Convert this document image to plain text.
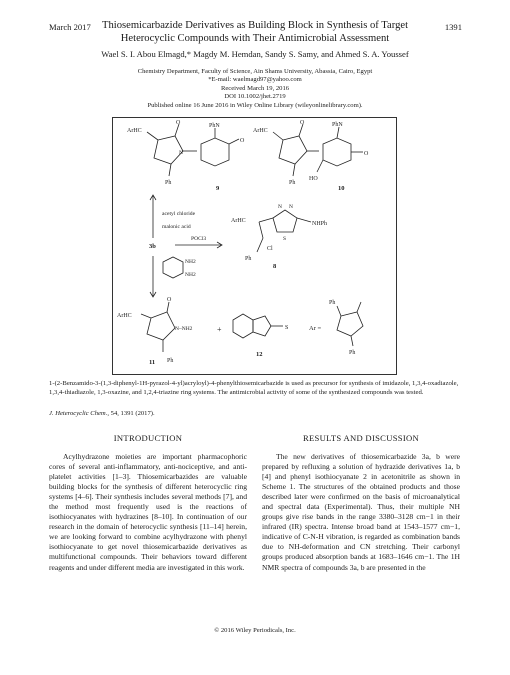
March 2017	1391
Thiosemicarbazide Derivatives as Building Block in Synthesis of Target
Heterocyclic Compounds with Their Antimicrobial Assessment
Wael S. I. Abou Elmagd,* Magdy M. Hemdan, Sandy S. Samy, and Ahmed S. A. Youssef
Chemistry Department, Faculty of Science, Ain Shams University, Abassia, Cairo, Egypt
*E-mail: waelmagd97@yahoo.com
Received March 19, 2016
DOI 10.1002/jhet.2719
Published online 16 June 2016 in Wiley Online Library (wileyonlinelibrary.com).
ArHC
O	PhN
O
Ph
N
9
ArHC
O	PhN
O
Ph
HO
10
acetyl chloride
malonic acid
3b
POCl3
ArHC
N N
S
NHPh
Cl
Ph
8
NH2
NH2
ArHC
O
N–NH2
Ph
11
+	S
12
Ar =
Ph
Ph
1-(2-Benzamido-3-(1,3-diphenyl-1H-pyrazol-4-yl)acryloyl)-4-phenylthiosemicarbazide is used as precursor for synthesis of imidazole, 1,3,4-oxadiazole, 1,3,4-thiadiazole, 1,3-oxazine, and 1,2,4-triazine ring systems. The antimicrobial activity of some of the synthesized compounds was tested.
J. Heterocyclic Chem., 54, 1391 (2017).
INTRODUCTION	RESULTS AND DISCUSSION

Acylhydrazone moieties are important pharmacophoric cores of several anti-inflammatory, anti-nociceptive, and anti-platelet activities [1–3]. Thiosemicarbazides are valuable building blocks for the synthesis of different heterocyclic ring systems [4–6]. Their synthesis includes several methods [7], and the method most frequently used is the reactions of isothiocyanates with hydrazines [8–10]. In continuation of our research in the domain of heterocyclic synthesis [11–14] herein, we are looking forward to combine acylhydrazone with phenyl isothiocyanate to get novel thiosemicarbazide derivatives as multifunctional compounds. Their behaviors toward different reagents and under different media are investigated in this work.

The new derivatives of thiosemicarbazide 3a, b were prepared by refluxing a solution of hydrazide derivatives 1a, b [4] and phenyl isothiocyanate 2 in acetonitrile as shown in Scheme 1. The structures of the obtained products and those described later were confirmed on the basis of microanalytical and spectral data (Experimental). Thus, their multiple NH groups give rise bands in the range 3380–3128 cm−1 in their infrared (IR) spectra. Intense broad band at 1543–1577 cm−1, indicative of C-N-H vibration, is regarded as combination bands due to NH-deformation and CN stretching. Their carbonyl groups produced absorption bands at 1683–1646 cm−1. The 1H NMR spectra of compounds 3a, b are presented in the

© 2016 Wiley Periodicals, Inc.
